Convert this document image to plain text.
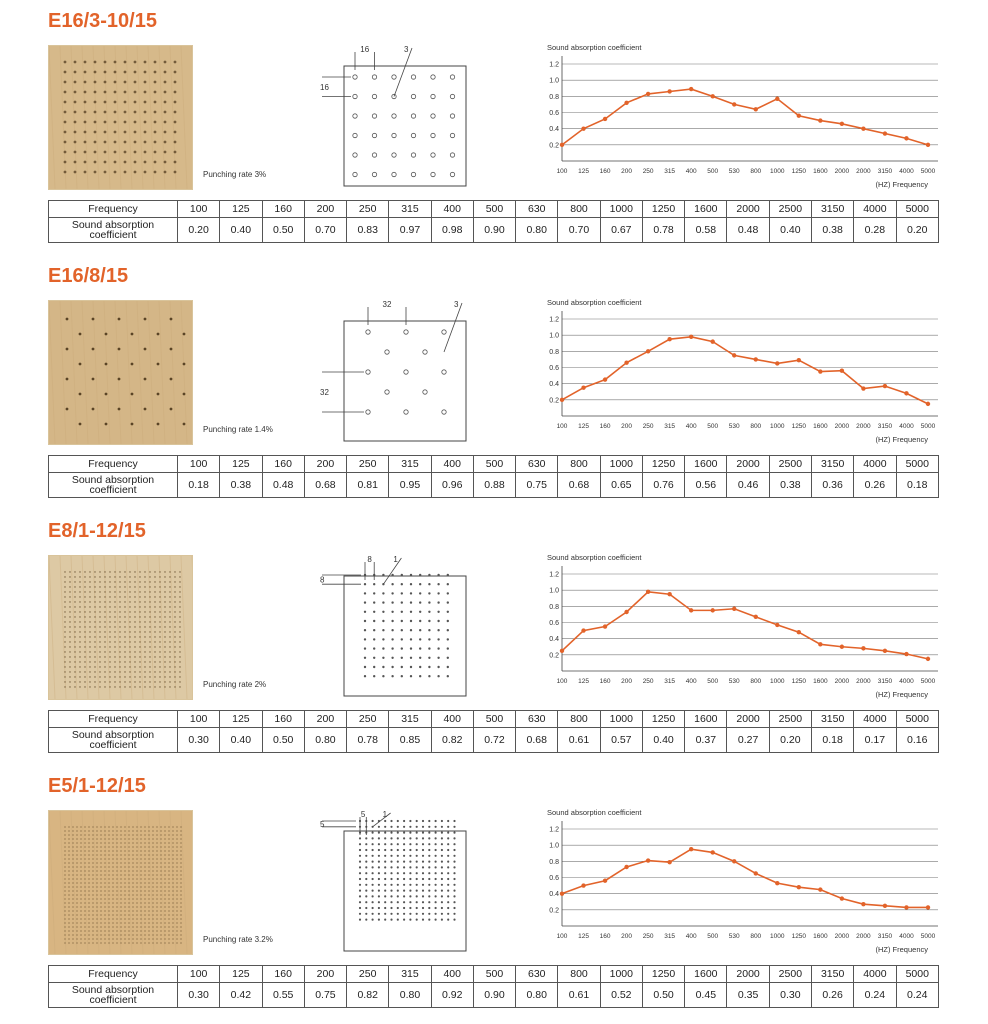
E16/3-10/15
Punching rate 3%
16
16
3	Sound absorption coefficient
0.2
0.4
0.6
0.8
1.0
1.2
100 125 160 200 250 315 400 500 530 800 1000 1250 1600 2000 2000 3150 4000 5000
(HZ) Frequency
Frequency	100	125	160	200	250	315	400	500	630	800	1000	1250	1600	2000	2500	3150	4000	5000
Sound absorption
coefficient	0.20	0.40	0.50	0.70	0.83	0.97	0.98	0.90	0.80	0.70	0.67	0.78	0.58	0.48	0.40	0.38	0.28	0.20
E16/8/15
Punching rate 1.4%
32
32
3	Sound absorption coefficient
0.2
0.4
0.6
0.8
1.0
1.2
100 125 160 200 250 315 400 500 530 800 1000 1250 1600 2000 2000 3150 4000 5000
(HZ) Frequency
Frequency	100	125	160	200	250	315	400	500	630	800	1000	1250	1600	2000	2500	3150	4000	5000
Sound absorption
coefficient	0.18	0.38	0.48	0.68	0.81	0.95	0.96	0.88	0.75	0.68	0.65	0.76	0.56	0.46	0.38	0.36	0.26	0.18
E8/1-12/15
Punching rate 2%
8
8
1	Sound absorption coefficient
0.2
0.4
0.6
0.8
1.0
1.2
100 125 160 200 250 315 400 500 530 800 1000 1250 1600 2000 2000 3150 4000 5000
(HZ) Frequency
Frequency	100	125	160	200	250	315	400	500	630	800	1000	1250	1600	2000	2500	3150	4000	5000
Sound absorption
coefficient	0.30	0.40	0.50	0.80	0.78	0.85	0.82	0.72	0.68	0.61	0.57	0.40	0.37	0.27	0.20	0.18	0.17	0.16
E5/1-12/15
Punching rate 3.2%
5
5
1	Sound absorption coefficient
0.2
0.4
0.6
0.8
1.0
1.2
100 125 160 200 250 315 400 500 530 800 1000 1250 1600 2000 2000 3150 4000 5000
(HZ) Frequency
Frequency	100	125	160	200	250	315	400	500	630	800	1000	1250	1600	2000	2500	3150	4000	5000
Sound absorption
coefficient	0.30	0.42	0.55	0.75	0.82	0.80	0.92	0.90	0.80	0.61	0.52	0.50	0.45	0.35	0.30	0.26	0.24	0.24
